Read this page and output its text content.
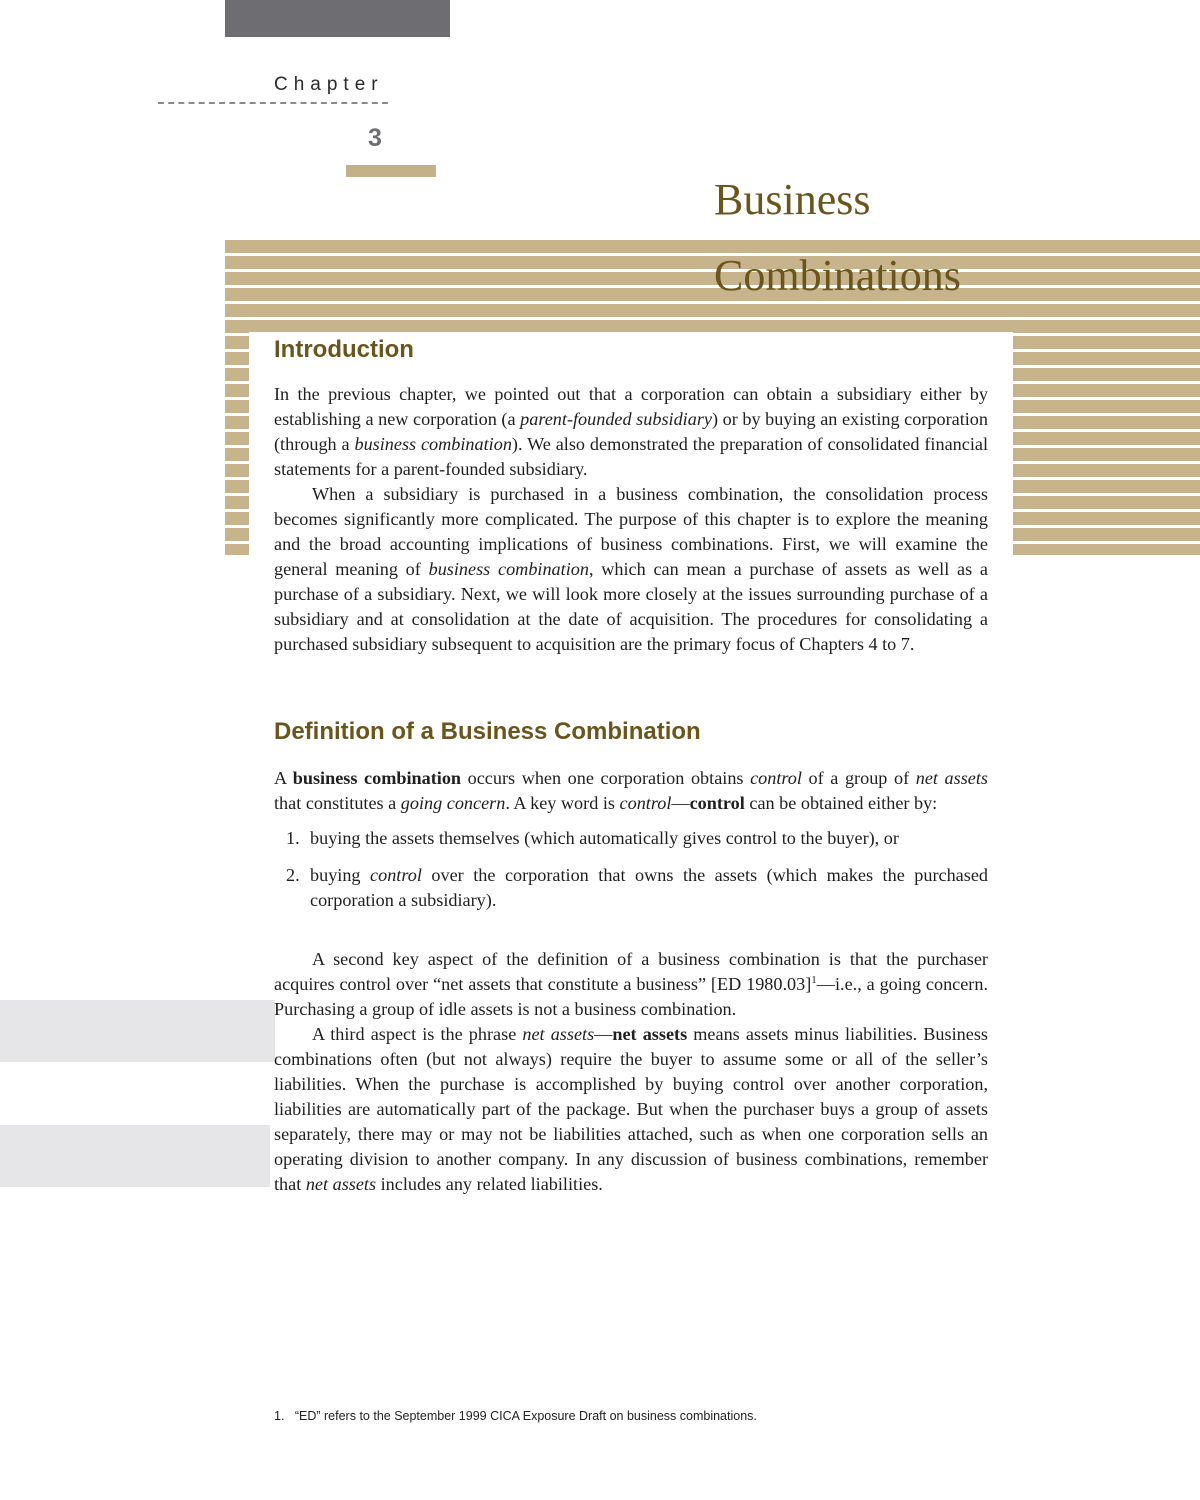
Chapter
3
Business
Combinations
Introduction

In the previous chapter, we pointed out that a corporation can obtain a subsidiary either by establishing a new corporation (a parent-founded subsidiary) or by buying an existing corporation (through a business combination). We also demonstrated the preparation of consolidated financial statements for a parent-founded subsidiary.

When a subsidiary is purchased in a business combination, the consolidation process becomes significantly more complicated. The purpose of this chapter is to explore the meaning and the broad accounting implications of business combinations. First, we will examine the general meaning of business combination, which can mean a purchase of assets as well as a purchase of a subsidiary. Next, we will look more closely at the issues surrounding purchase of a subsidiary and at consolidation at the date of acquisition. The procedures for consolidating a purchased subsidiary subsequent to acquisition are the primary focus of Chapters 4 to 7.

Definition of a Business Combination

A business combination occurs when one corporation obtains control of a group of net assets that constitutes a going concern. A key word is control—control can be obtained either by:

1. buying the assets themselves (which automatically gives control to the buyer), or
2. buying control over the corporation that owns the assets (which makes the purchased corporation a subsidiary).

A second key aspect of the definition of a business combination is that the purchaser acquires control over “net assets that constitute a business” [ED 1980.03]$^1$—i.e., a going concern. Purchasing a group of idle assets is not a business combination.

A third aspect is the phrase net assets—net assets means assets minus liabilities. Business combinations often (but not always) require the buyer to assume some or all of the seller’s liabilities. When the purchase is accomplished by buying control over another corporation, liabilities are automatically part of the package. But when the purchaser buys a group of assets separately, there may or may not be liabilities attached, such as when one corporation sells an operating division to another company. In any discussion of business combinations, remember that net assets includes any related liabilities.

1. “ED” refers to the September 1999 CICA Exposure Draft on business combinations.
